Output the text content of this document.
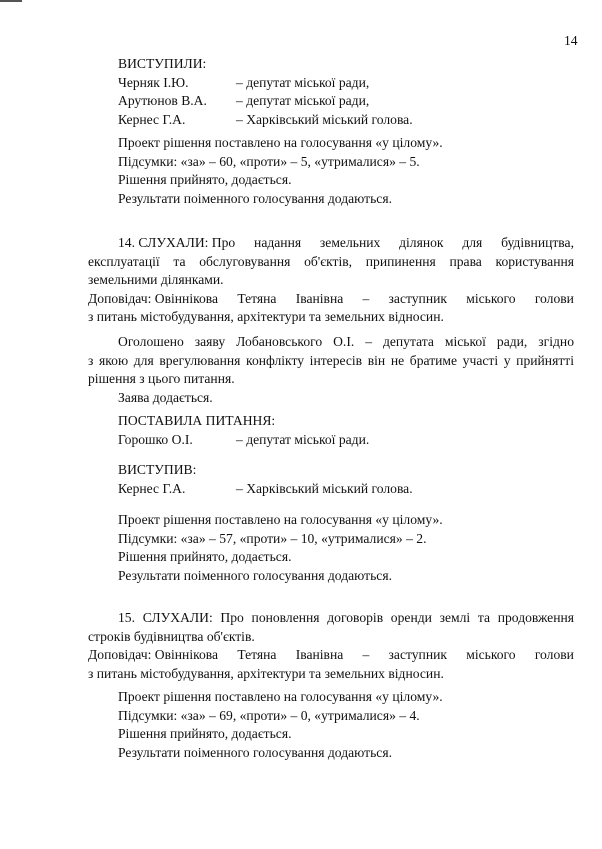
14
ВИСТУПИЛИ:
Черняк І.Ю.	– депутат міської ради,
Арутюнов В.А.	– депутат міської ради,
Кернес Г.А.	– Харківський міський голова.
Проект рішення поставлено на голосування «у цілому».
Підсумки: «за» – 60, «проти» – 5, «утрималися» – 5.
Рішення прийнято, додається.
Результати поіменного голосування додаються.
14. СЛУХАЛИ: Про надання земельних ділянок для будівництва,
експлуатації та обслуговування об'єктів, припинення права користування
земельними ділянками.
Доповідач: Овіннікова Тетяна Іванівна – заступник міського голови
з питань містобудування, архітектури та земельних відносин.
Оголошено заяву Лобановського О.І. – депутата міської ради, згідно
з якою для врегулювання конфлікту інтересів він не братиме участі у прийнятті
рішення з цього питання.
Заява додається.
ПОСТАВИЛА ПИТАННЯ:
Горошко О.І.	– депутат міської ради.
ВИСТУПИВ:
Кернес Г.А.	– Харківський міський голова.
Проект рішення поставлено на голосування «у цілому».
Підсумки: «за» – 57, «проти» – 10, «утрималися» – 2.
Рішення прийнято, додається.
Результати поіменного голосування додаються.
15. СЛУХАЛИ: Про поновлення договорів оренди землі та продовження
строків будівництва об'єктів.
Доповідач: Овіннікова Тетяна Іванівна – заступник міського голови
з питань містобудування, архітектури та земельних відносин.
Проект рішення поставлено на голосування «у цілому».
Підсумки: «за» – 69, «проти» – 0, «утрималися» – 4.
Рішення прийнято, додається.
Результати поіменного голосування додаються.
